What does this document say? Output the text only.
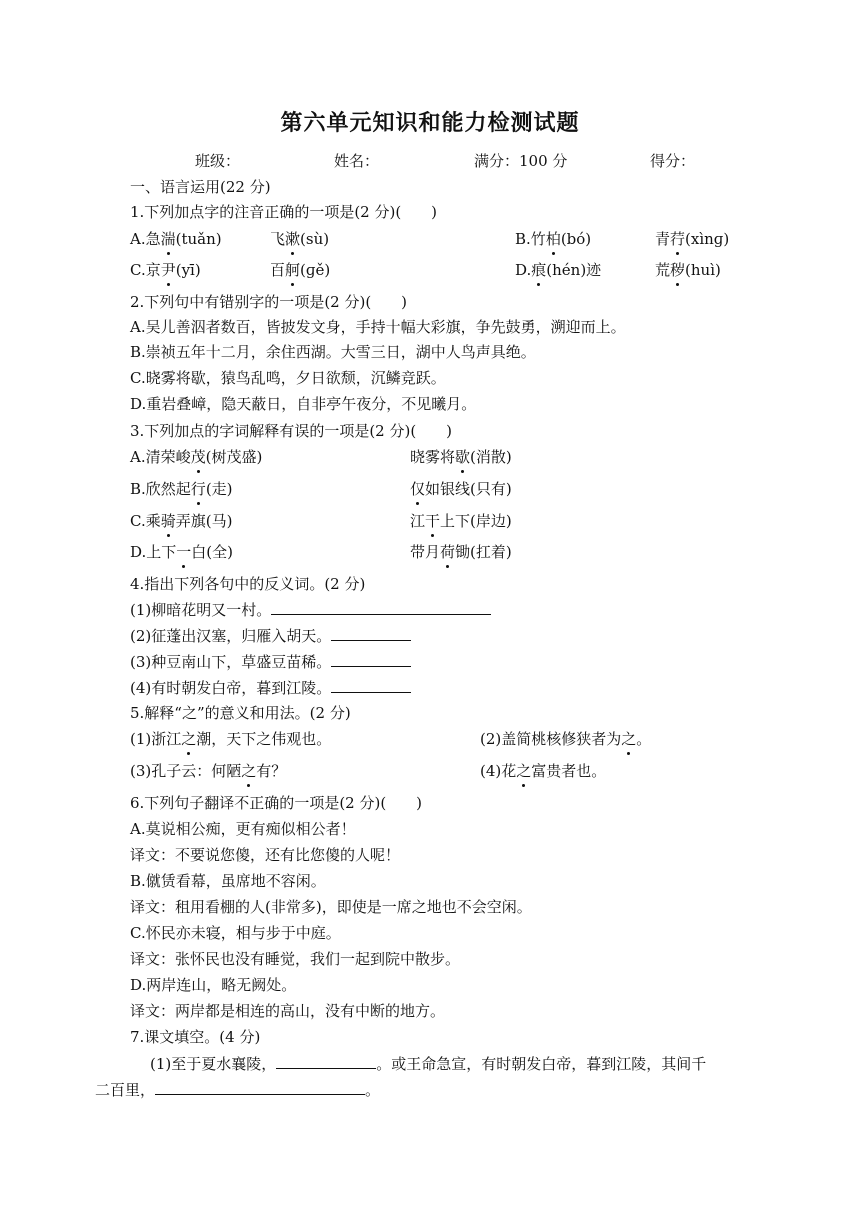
第六单元知识和能力检测试题
班级：	姓名：	满分：100 分	得分：
一、语言运用(22 分)
1.下列加点字的注音正确的一项是(2 分)(　　)
A.急湍(tuǎn)	飞漱(sù)	B.竹柏(bó)	青荇(xìnɡ)
C.京尹(yī)	百舸(ɡě)	D.痕(hén)迹	荒秽(huì)
2.下列句中有错别字的一项是(2 分)(　　)
A.吴儿善泅者数百，皆披发文身，手持十幅大彩旗，争先鼓勇，溯迎而上。
B.崇祯五年十二月，余住西湖。大雪三日，湖中人鸟声具绝。
C.晓雾将歇，猿鸟乱鸣，夕日欲颓，沉鳞竞跃。
D.重岩叠嶂，隐天蔽日，自非亭午夜分，不见曦月。
3.下列加点的字词解释有误的一项是(2 分)(　　)
A.清荣峻茂(树茂盛)	晓雾将歇(消散)
B.欣然起行(走)	仅如银线(只有)
C.乘骑弄旗(马)	江干上下(岸边)
D.上下一白(全)	带月荷锄(扛着)
4.指出下列各句中的反义词。(2 分)
(1)柳暗花明又一村。
(2)征蓬出汉塞，归雁入胡天。
(3)种豆南山下，草盛豆苗稀。
(4)有时朝发白帝，暮到江陵。
5.解释“之”的意义和用法。(2 分)
(1)浙江之潮，天下之伟观也。	(2)盖简桃核修狭者为之。
(3)孔子云：何陋之有？	(4)花之富贵者也。
6.下列句子翻译不正确的一项是(2 分)(　　)
A.莫说相公痴，更有痴似相公者！
译文：不要说您傻，还有比您傻的人呢！
B.僦赁看幕，虽席地不容闲。
译文：租用看棚的人(非常多)，即使是一席之地也不会空闲。
C.怀民亦未寝，相与步于中庭。
译文：张怀民也没有睡觉，我们一起到院中散步。
D.两岸连山，略无阙处。
译文：两岸都是相连的高山，没有中断的地方。
7.课文填空。(4 分)
(1)至于夏水襄陵，	。或王命急宣，有时朝发白帝，暮到江陵，其间千
二百里，	。
